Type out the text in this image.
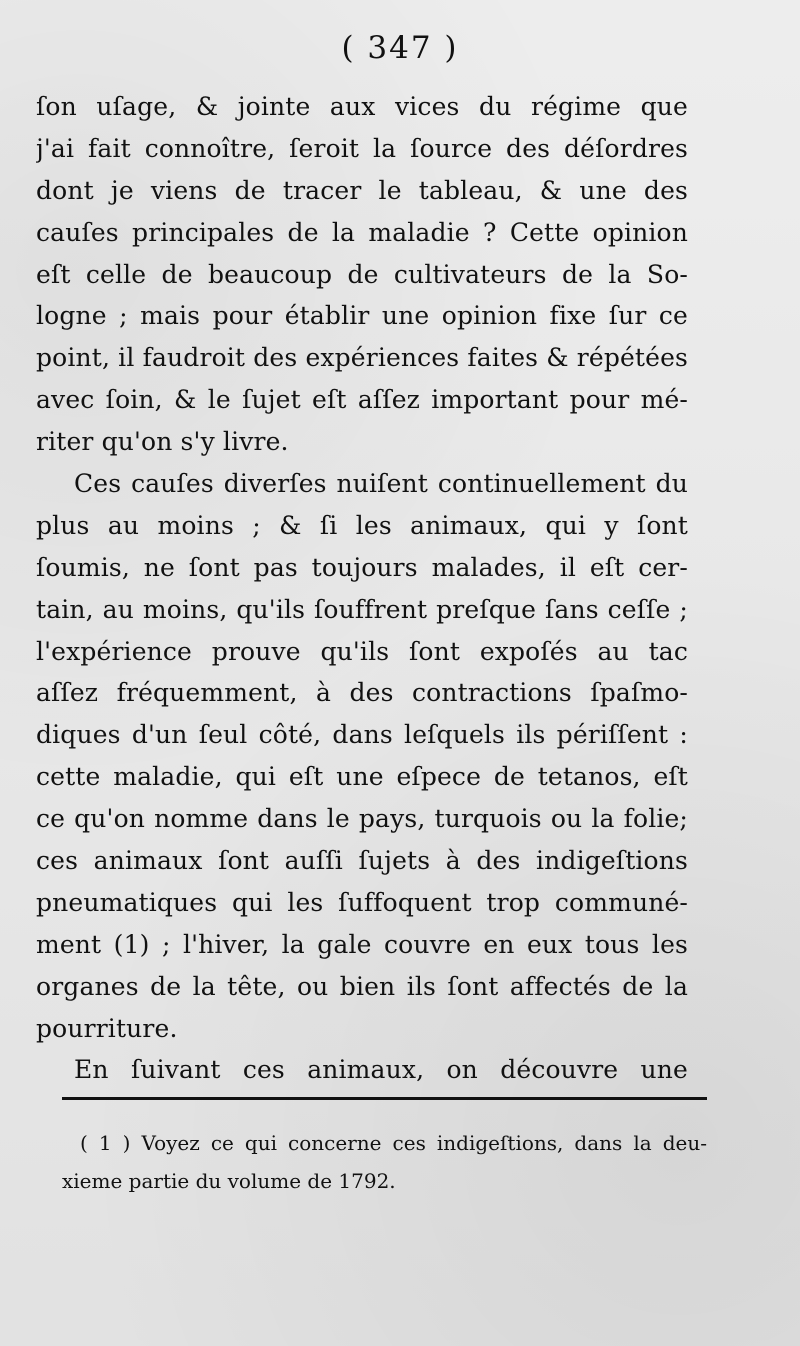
( 347 )
ſon uſage, & jointe aux vices du régime que
j'ai fait connoître, ſeroit la ſource des déſordres
dont je viens de tracer le tableau, & une des
cauſes principales de la maladie ? Cette opinion
eſt celle de beaucoup de cultivateurs de la So-
logne ; mais pour établir une opinion fixe ſur ce
point, il faudroit des expériences faites & répétées
avec ſoin, & le ſujet eſt aſſez important pour mé-
riter qu'on s'y livre.
Ces cauſes diverſes nuiſent continuellement du
plus au moins ; & ſi les animaux, qui y ſont
ſoumis, ne ſont pas toujours malades, il eſt cer-
tain, au moins, qu'ils ſouffrent preſque ſans ceſſe ;
l'expérience prouve qu'ils ſont expoſés au tac
aſſez fréquemment, à des contractions ſpaſmo-
diques d'un ſeul côté, dans leſquels ils périſſent :
cette maladie, qui eſt une eſpece de tetanos, eſt
ce qu'on nomme dans le pays, turquois ou la folie;
ces animaux ſont auſſi ſujets à des indigeſtions
pneumatiques qui les ſuffoquent trop communé-
ment (1) ; l'hiver, la gale couvre en eux tous les
organes de la tête, ou bien ils ſont affectés de la
pourriture.
En ſuivant ces animaux, on découvre une
( 1 ) Voyez ce qui concerne ces indigeſtions, dans la deu-
xieme partie du volume de 1792.
